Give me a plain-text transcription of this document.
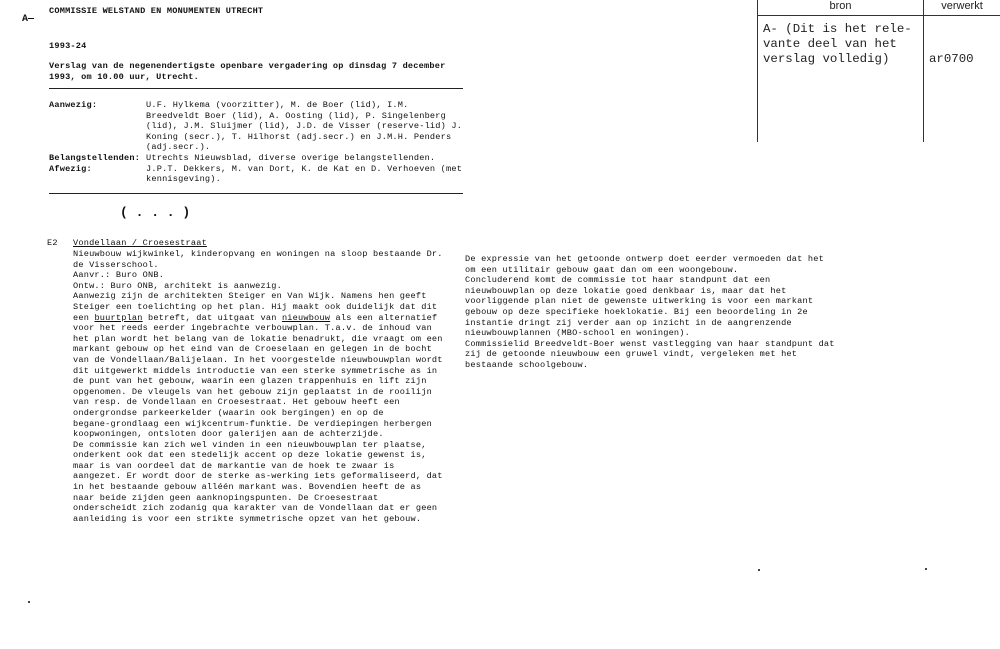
A—
COMMISSIE WELSTAND EN MONUMENTEN UTRECHT
1993-24
Verslag van de negenendertigste openbare vergadering op dinsdag 7 december
1993, om 10.00 uur, Utrecht.
Aanwezig:	U.F. Hylkema (voorzitter), M. de Boer (lid), I.M.
Breedveldt Boer (lid), A. Oosting (lid), P. Singelenberg
(lid), J.M. Sluijmer (lid), J.D. de Visser (reserve-lid) J.
Koning (secr.), T. Hilhorst (adj.secr.) en J.M.H. Penders
(adj.secr.).
Belangstellenden: Utrechts Nieuwsblad, diverse overige belangstellenden.
Afwezig:	J.P.T. Dekkers, M. van Dort, K. de Kat en D. Verhoeven (met
kennisgeving).
( . . . )
E2 Vondellaan / Croesestraat
Nieuwbouw wijkwinkel, kinderopvang en woningen na sloop bestaande Dr.
de Visserschool.
Aanvr.: Buro ONB.
Ontw.: Buro ONB, architekt is aanwezig.
Aanwezig zijn de architekten Steiger en Van Wijk. Namens hen geeft
Steiger een toelichting op het plan. Hij maakt ook duidelijk dat dit
een buurtplan betreft, dat uitgaat van nieuwbouw als een alternatief
voor het reeds eerder ingebrachte verbouwplan. T.a.v. de inhoud van
het plan wordt het belang van de lokatie benadrukt, die vraagt om een
markant gebouw op het eind van de Croeselaan en gelegen in de bocht
van de Vondellaan/Balijelaan. In het voorgestelde nieuwbouwplan wordt
dit uitgewerkt middels introductie van een sterke symmetrische as in
de punt van het gebouw, waarin een glazen trappenhuis en lift zijn
opgenomen. De vleugels van het gebouw zijn geplaatst in de rooilijn
van resp. de Vondellaan en Croesestraat. Het gebouw heeft een
ondergrondse parkeerkelder (waarin ook bergingen) en op de
begane-grondlaag een wijkcentrum-funktie. De verdiepingen herbergen
koopwoningen, ontsloten door galerijen aan de achterzijde.
De commissie kan zich wel vinden in een nieuwbouwplan ter plaatse,
onderkent ook dat een stedelijk accent op deze lokatie gewenst is,
maar is van oordeel dat de markantie van de hoek te zwaar is
aangezet. Er wordt door de sterke as-werking iets geformaliseerd, dat
in het bestaande gebouw alléén markant was. Bovendien heeft de as
naar beide zijden geen aanknopingspunten. De Croesestraat
onderscheidt zich zodanig qua karakter van de Vondellaan dat er geen
aanleiding is voor een strikte symmetrische opzet van het gebouw.
De expressie van het getoonde ontwerp doet eerder vermoeden dat het
om een utilitair gebouw gaat dan om een woongebouw.
Concluderend komt de commissie tot haar standpunt dat een
nieuwbouwplan op deze lokatie goed denkbaar is, maar dat het
voorliggende plan niet de gewenste uitwerking is voor een markant
gebouw op deze specifieke hoeklokatie. Bij een beoordeling in 2e
instantie dringt zij verder aan op inzicht in de aangrenzende
nieuwbouwplannen (MBO-school en woningen).
Commissielid Breedveldt-Boer wenst vastlegging van haar standpunt dat
zij de getoonde nieuwbouw een gruwel vindt, vergeleken met het
bestaande schoolgebouw.
bron	verwerkt
A- (Dit is het rele-
vante deel van het
verslag volledig)	ar0700
